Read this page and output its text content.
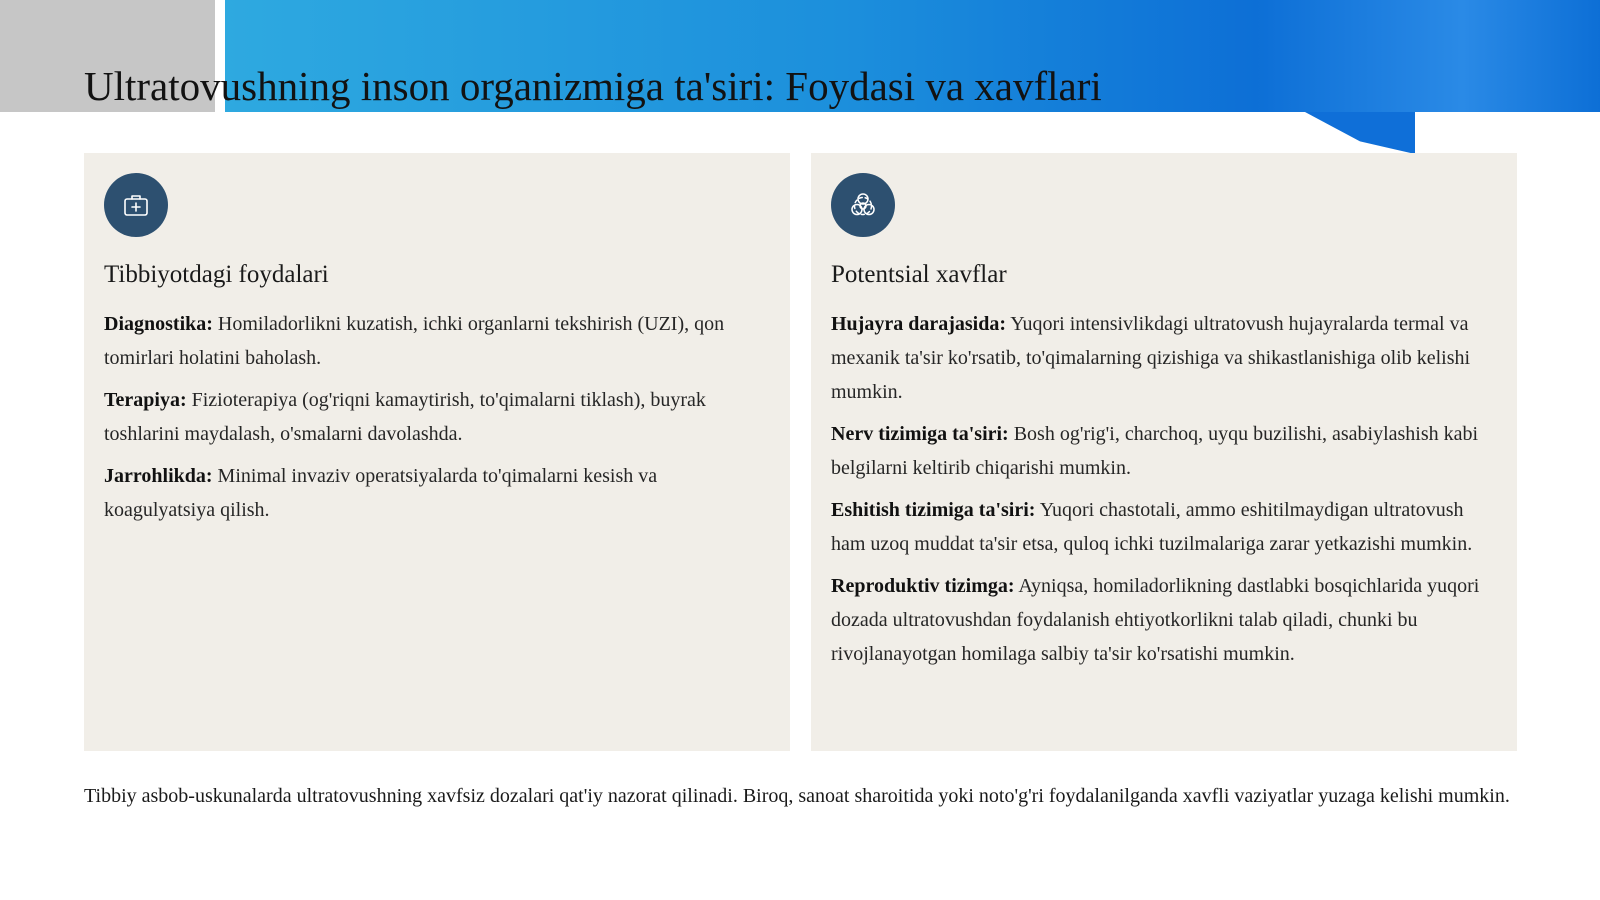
Ultratovushning inson organizmiga ta'siri: Foydasi va xavflari
Tibbiyotdagi foydalari

Diagnostika: Homiladorlikni kuzatish, ichki organlarni tekshirish (UZI), qon tomirlari holatini baholash.

Terapiya: Fizioterapiya (og'riqni kamaytirish, to'qimalarni tiklash), buyrak toshlarini maydalash, o'smalarni davolashda.

Jarrohlikda: Minimal invaziv operatsiyalarda to'qimalarni kesish va koagulyatsiya qilish.

Potentsial xavflar

Hujayra darajasida: Yuqori intensivlikdagi ultratovush hujayralarda termal va mexanik ta'sir ko'rsatib, to'qimalarning qizishiga va shikastlanishiga olib kelishi mumkin.

Nerv tizimiga ta'siri: Bosh og'rig'i, charchoq, uyqu buzilishi, asabiylashish kabi belgilarni keltirib chiqarishi mumkin.

Eshitish tizimiga ta'siri: Yuqori chastotali, ammo eshitilmaydigan ultratovush ham uzoq muddat ta'sir etsa, quloq ichki tuzilmalariga zarar yetkazishi mumkin.

Reproduktiv tizimga: Ayniqsa, homiladorlikning dastlabki bosqichlarida yuqori dozada ultratovushdan foydalanish ehtiyotkorlikni talab qiladi, chunki bu rivojlanayotgan homilaga salbiy ta'sir ko'rsatishi mumkin.

Tibbiy asbob-uskunalarda ultratovushning xavfsiz dozalari qat'iy nazorat qilinadi. Biroq, sanoat sharoitida yoki noto'g'ri foydalanilganda xavfli vaziyatlar yuzaga kelishi mumkin.
